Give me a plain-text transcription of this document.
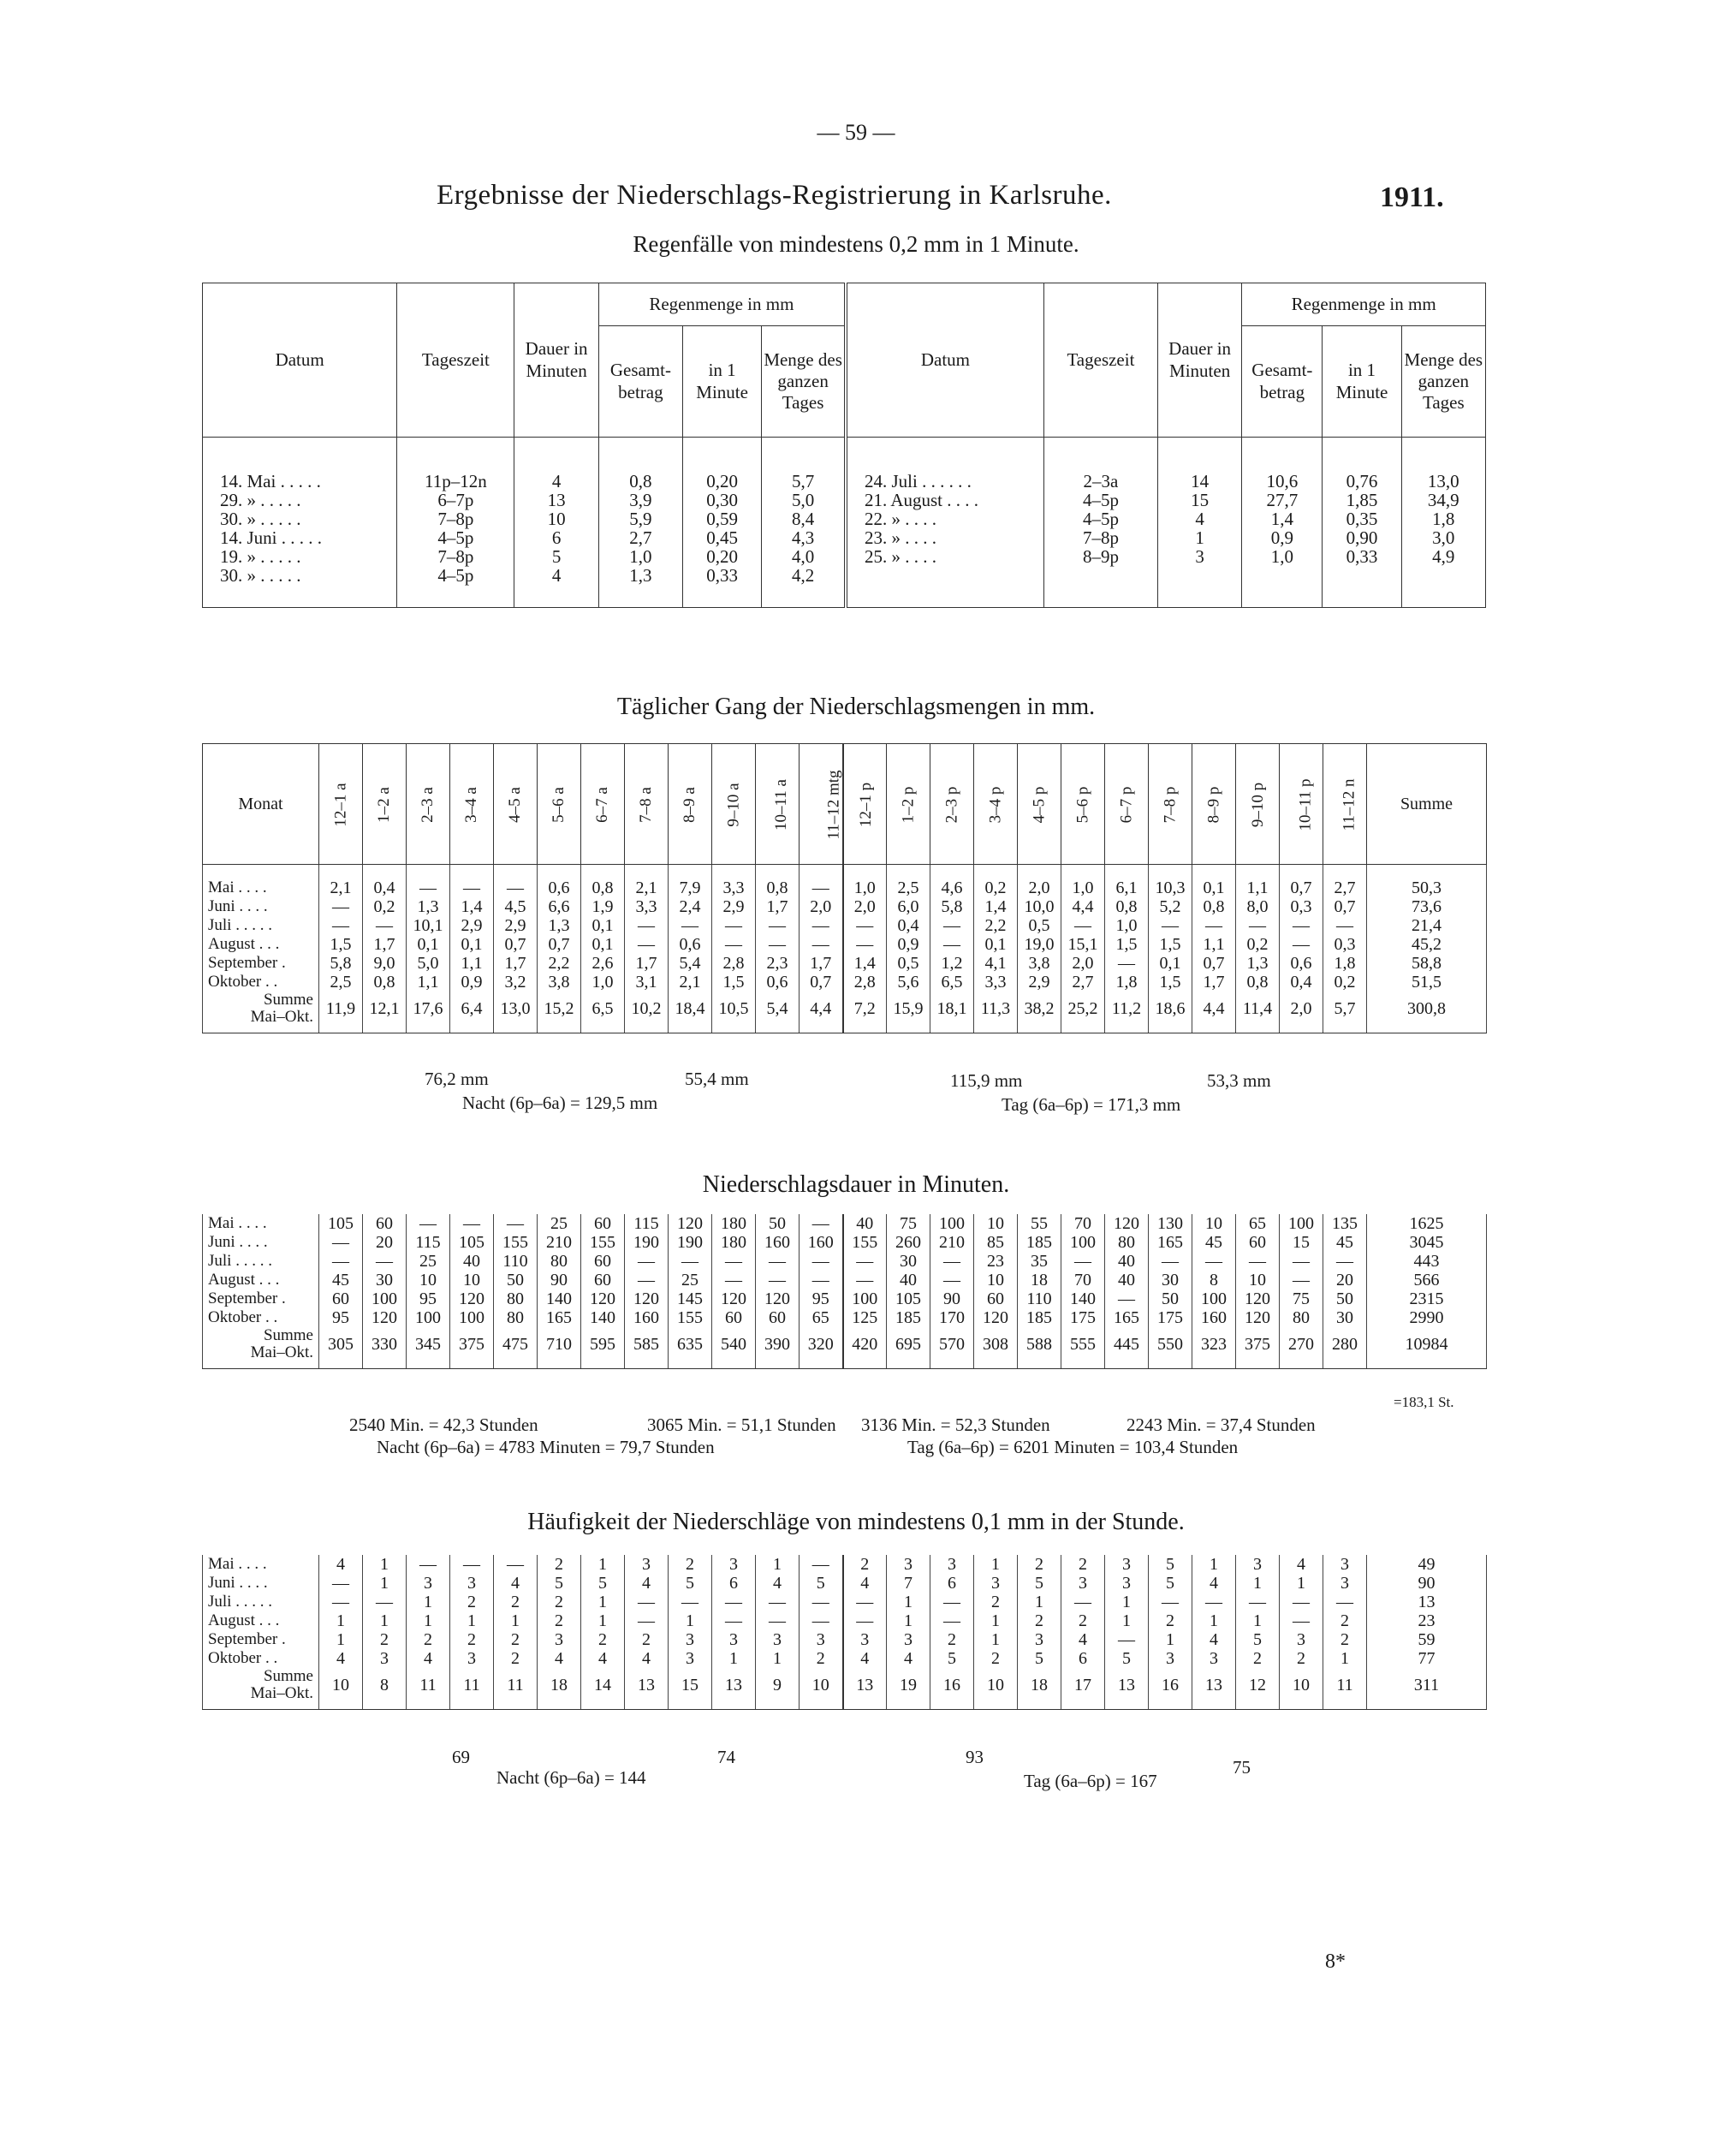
— 59 —
Ergebnisse der Niederschlags-Registrierung in Karlsruhe.	1911.
Regenfälle von mindestens 0,2 mm in 1 Minute.
Datum	Tageszeit	Dauer in Minuten	Regenmenge in mm			Datum	Tageszeit	Dauer in Minuten	Regenmenge in mm		
			Gesamt-betrag	in 1 Minute	Menge des ganzen Tages				Gesamt-betrag	in 1 Minute	Menge des ganzen Tages

14. Mai . . . . .	11p–12n	4	0,8	0,20	5,7	24. Juli . . . . . .	2–3a	14	10,6	0,76	13,0
29. » . . . . .	6–7p	13	3,9	0,30	5,0	21. August . . . .	4–5p	15	27,7	1,85	34,9
30. » . . . . .	7–8p	10	5,9	0,59	8,4	22. » . . . .	4–5p	4	1,4	0,35	1,8
14. Juni . . . . .	4–5p	6	2,7	0,45	4,3	23. » . . . .	7–8p	1	0,9	0,90	3,0
19. » . . . . .	7–8p	5	1,0	0,20	4,0	25. » . . . .	8–9p	3	1,0	0,33	4,9
30. » . . . . .	4–5p	4	1,3	0,33	4,2						

Täglicher Gang der Niederschlagsmengen in mm.
Monat	12–1 a	1–2 a	2–3 a	3–4 a	4–5 a	5–6 a	6–7 a	7–8 a	8–9 a	9–10 a	10–11 a	11–12 mtg	12–1 p	1–2 p	2–3 p	3–4 p	4–5 p	5–6 p	6–7 p	7–8 p	8–9 p	9–10 p	10–11 p	11–12 n	Summe

Mai . . . .	2,1	0,4	—	—	—	0,6	0,8	2,1	7,9	3,3	0,8	—	1,0	2,5	4,6	0,2	2,0	1,0	6,1	10,3	0,1	1,1	0,7	2,7	50,3
Juni . . . .	—	0,2	1,3	1,4	4,5	6,6	1,9	3,3	2,4	2,9	1,7	2,0	2,0	6,0	5,8	1,4	10,0	4,4	0,8	5,2	0,8	8,0	0,3	0,7	73,6
Juli . . . . .	—	—	10,1	2,9	2,9	1,3	0,1	—	—	—	—	—	—	0,4	—	2,2	0,5	—	1,0	—	—	—	—	—	21,4
August . . .	1,5	1,7	0,1	0,1	0,7	0,7	0,1	—	0,6	—	—	—	—	0,9	—	0,1	19,0	15,1	1,5	1,5	1,1	0,2	—	0,3	45,2
September .	5,8	9,0	5,0	1,1	1,7	2,2	2,6	1,7	5,4	2,8	2,3	1,7	1,4	0,5	1,2	4,1	3,8	2,0	—	0,1	0,7	1,3	0,6	1,8	58,8
Oktober . .	2,5	0,8	1,1	0,9	3,2	3,8	1,0	3,1	2,1	1,5	0,6	0,7	2,8	5,6	6,5	3,3	2,9	2,7	1,8	1,5	1,7	0,8	0,4	0,2	51,5

Summe
Mai–Okt.	11,9	12,1	17,6	6,4	13,0	15,2	6,5	10,2	18,4	10,5	5,4	4,4	7,2	15,9	18,1	11,3	38,2	25,2	11,2	18,6	4,4	11,4	2,0	5,7	300,8

76,2 mm	55,4 mm	115,9 mm	53,3 mm
Nacht (6p–6a) = 129,5 mm	Tag (6a–6p) = 171,3 mm
Niederschlagsdauer in Minuten.
Mai . . . .	105	60	—	—	—	25	60	115	120	180	50	—	40	75	100	10	55	70	120	130	10	65	100	135	1625
Juni . . . .	—	20	115	105	155	210	155	190	190	180	160	160	155	260	210	85	185	100	80	165	45	60	15	45	3045
Juli . . . . .	—	—	25	40	110	80	60	—	—	—	—	—	—	30	—	23	35	—	40	—	—	—	—	—	443
August . . .	45	30	10	10	50	90	60	—	25	—	—	—	—	40	—	10	18	70	40	30	8	10	—	20	566
September .	60	100	95	120	80	140	120	120	145	120	120	95	100	105	90	60	110	140	—	50	100	120	75	50	2315
Oktober . .	95	120	100	100	80	165	140	160	155	60	60	65	125	185	170	120	185	175	165	175	160	120	80	30	2990

Summe
Mai–Okt.	305	330	345	375	475	710	595	585	635	540	390	320	420	695	570	308	588	555	445	550	323	375	270	280	10984

=183,1 St.
2540 Min. = 42,3 Stunden	3065 Min. = 51,1 Stunden 3136 Min. = 52,3 Stunden	2243 Min. = 37,4 Stunden
Nacht (6p–6a) = 4783 Minuten = 79,7 Stunden	Tag (6a–6p) = 6201 Minuten = 103,4 Stunden
Häufigkeit der Niederschläge von mindestens 0,1 mm in der Stunde.
Mai . . . .	4	1	—	—	—	2	1	3	2	3	1	—	2	3	3	1	2	2	3	5	1	3	4	3	49
Juni . . . .	—	1	3	3	4	5	5	4	5	6	4	5	4	7	6	3	5	3	3	5	4	1	1	3	90
Juli . . . . .	—	—	1	2	2	2	1	—	—	—	—	—	—	1	—	2	1	—	1	—	—	—	—	—	13
August . . .	1	1	1	1	1	2	1	—	1	—	—	—	—	1	—	1	2	2	1	2	1	1	—	2	23
September .	1	2	2	2	2	3	2	2	3	3	3	3	3	3	2	1	3	4	—	1	4	5	3	2	59
Oktober . .	4	3	4	3	2	4	4	4	3	1	1	2	4	4	5	2	5	6	5	3	3	2	2	1	77

Summe
Mai–Okt.	10	8	11	11	11	18	14	13	15	13	9	10	13	19	16	10	18	17	13	16	13	12	10	11	311

69	74	93	75
Nacht (6p–6a) = 144	Tag (6a–6p) = 167
8*
